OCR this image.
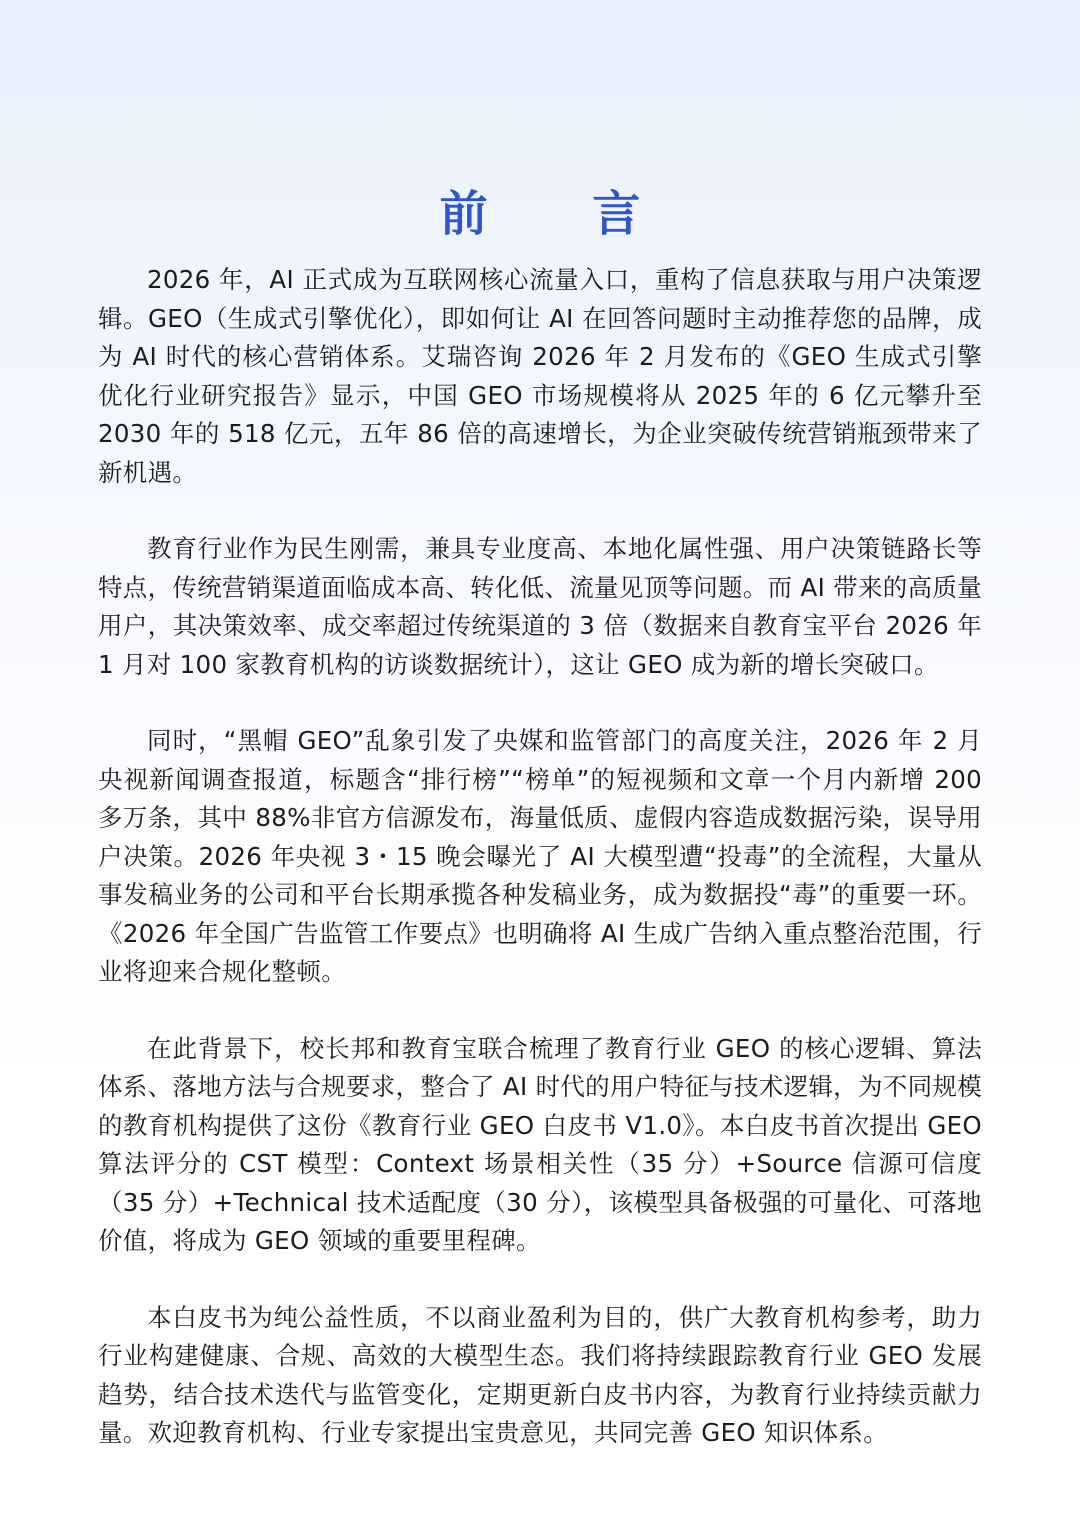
前 言

2026 年，AI 正式成为互联网核心流量入口，重构了信息获取与用户决策逻辑。GEO（生成式引擎优化），即如何让 AI 在回答问题时主动推荐您的品牌，成为 AI 时代的核心营销体系。艾瑞咨询 2026 年 2 月发布的《GEO 生成式引擎优化行业研究报告》显示，中国 GEO 市场规模将从 2025 年的 6 亿元攀升至 2030 年的 518 亿元，五年 86 倍的高速增长，为企业突破传统营销瓶颈带来了新机遇。

教育行业作为民生刚需，兼具专业度高、本地化属性强、用户决策链路长等特点，传统营销渠道面临成本高、转化低、流量见顶等问题。而 AI 带来的高质量用户，其决策效率、成交率超过传统渠道的 3 倍（数据来自教育宝平台 2026 年 1 月对 100 家教育机构的访谈数据统计），这让 GEO 成为新的增长突破口。

同时，“黑帽 GEO”乱象引发了央媒和监管部门的高度关注，2026 年 2 月央视新闻调查报道，标题含“排行榜”“榜单”的短视频和文章一个月内新增 200 多万条，其中 88%非官方信源发布，海量低质、虚假内容造成数据污染，误导用户决策。2026 年央视 3・15 晚会曝光了 AI 大模型遭“投毒”的全流程，大量从事发稿业务的公司和平台长期承揽各种发稿业务，成为数据投“毒”的重要一环。《2026 年全国广告监管工作要点》也明确将 AI 生成广告纳入重点整治范围，行业将迎来合规化整顿。

在此背景下，校长邦和教育宝联合梳理了教育行业 GEO 的核心逻辑、算法体系、落地方法与合规要求，整合了 AI 时代的用户特征与技术逻辑，为不同规模的教育机构提供了这份《教育行业 GEO 白皮书 V1.0》。本白皮书首次提出 GEO 算法评分的 CST 模型：Context 场景相关性（35 分）+Source 信源可信度（35 分）+Technical 技术适配度（30 分），该模型具备极强的可量化、可落地价值，将成为 GEO 领域的重要里程碑。

本白皮书为纯公益性质，不以商业盈利为目的，供广大教育机构参考，助力行业构建健康、合规、高效的大模型生态。我们将持续跟踪教育行业 GEO 发展趋势，结合技术迭代与监管变化，定期更新白皮书内容，为教育行业持续贡献力量。欢迎教育机构、行业专家提出宝贵意见，共同完善 GEO 知识体系。
